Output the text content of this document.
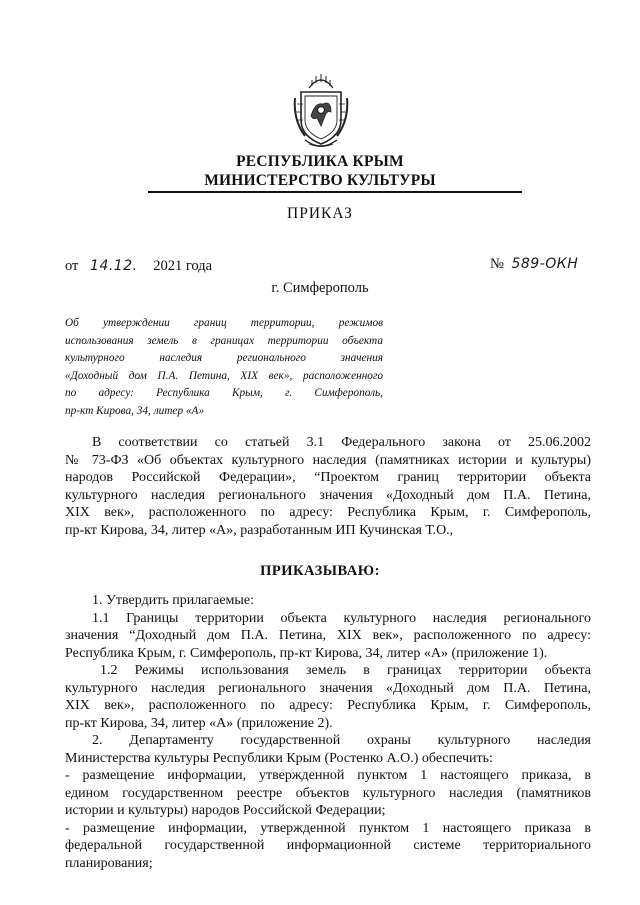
РЕСПУБЛИКА КРЫМ
МИНИСТЕРСТВО КУЛЬТУРЫ
ПРИКАЗ
от 14.12. 2021 года	№ 589-ОКН
г. Симферополь
Об утверждении границ территории, режимов
использования земель в границах территории объекта
культурного наследия регионального значения
«Доходный дом П.А. Петина, XIX век», расположенного
по адресу: Республика Крым, г. Симферополь,
пр-кт Кирова, 34, литер «А»
В соответствии со статьей 3.1 Федерального закона от 25.06.2002
№ 73-ФЗ «Об объектах культурного наследия (памятниках истории и культуры)
народов Российской Федерации», “Проектом границ территории объекта
культурного наследия регионального значения «Доходный дом П.А. Петина,
XIX век», расположенного по адресу: Республика Крым, г. Симферополь,
пр-кт Кирова, 34, литер «А», разработанным ИП Кучинская Т.О.,
ПРИКАЗЫВАЮ:
1. Утвердить прилагаемые:
1.1 Границы территории объекта культурного наследия регионального
значения “Доходный дом П.А. Петина, XIX век», расположенного по адресу:
Республика Крым, г. Симферополь, пр-кт Кирова, 34, литер «А» (приложение 1).
1.2 Режимы использования земель в границах территории объекта
культурного наследия регионального значения «Доходный дом П.А. Петина,
XIX век», расположенного по адресу: Республика Крым, г. Симферополь,
пр-кт Кирова, 34, литер «А» (приложение 2).
2. Департаменту государственной охраны культурного наследия
Министерства культуры Республики Крым (Ростенко А.О.) обеспечить:
- размещение информации, утвержденной пунктом 1 настоящего приказа, в
едином государственном реестре объектов культурного наследия (памятников
истории и культуры) народов Российской Федерации;
- размещение информации, утвержденной пунктом 1 настоящего приказа в
федеральной государственной информационной системе территориального
планирования;
